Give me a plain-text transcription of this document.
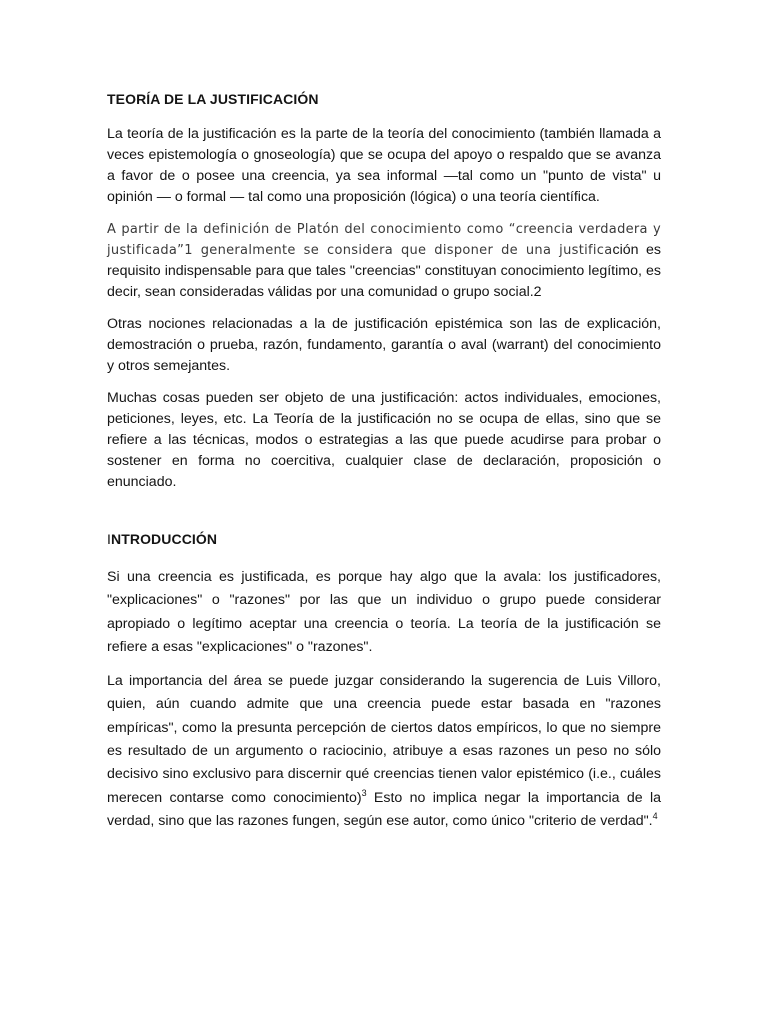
TEORÍA DE LA JUSTIFICACIÓN

La teoría de la justificación es la parte de la teoría del conocimiento (también llamada a veces epistemología o gnoseología) que se ocupa del apoyo o respaldo que se avanza a favor de o posee una creencia, ya sea informal —tal como un "punto de vista" u opinión — o formal — tal como una proposición (lógica) o una teoría científica.

A partir de la definición de Platón del conocimiento como “creencia verdadera y justificada”1 generalmente se considera que disponer de una justificación es requisito indispensable para que tales "creencias" constituyan conocimiento legítimo, es decir, sean consideradas válidas por una comunidad o grupo social.2

Otras nociones relacionadas a la de justificación epistémica son las de explicación, demostración o prueba, razón, fundamento, garantía o aval (warrant) del conocimiento y otros semejantes.

Muchas cosas pueden ser objeto de una justificación: actos individuales, emociones, peticiones, leyes, etc. La Teoría de la justificación no se ocupa de ellas, sino que se refiere a las técnicas, modos o estrategias a las que puede acudirse para probar o sostener en forma no coercitiva, cualquier clase de declaración, proposición o enunciado.

INTRODUCCIÓN

Si una creencia es justificada, es porque hay algo que la avala: los justificadores, "explicaciones" o "razones" por las que un individuo o grupo puede considerar apropiado o legítimo aceptar una creencia o teoría. La teoría de la justificación se refiere a esas "explicaciones" o "razones".

La importancia del área se puede juzgar considerando la sugerencia de Luis Villoro, quien, aún cuando admite que una creencia puede estar basada en "razones empíricas", como la presunta percepción de ciertos datos empíricos, lo que no siempre es resultado de un argumento o raciocinio, atribuye a esas razones un peso no sólo decisivo sino exclusivo para discernir qué creencias tienen valor epistémico (i.e., cuáles merecen contarse como conocimiento)$^3$ Esto no implica negar la importancia de la verdad, sino que las razones fungen, según ese autor, como único "criterio de verdad".$^4$
